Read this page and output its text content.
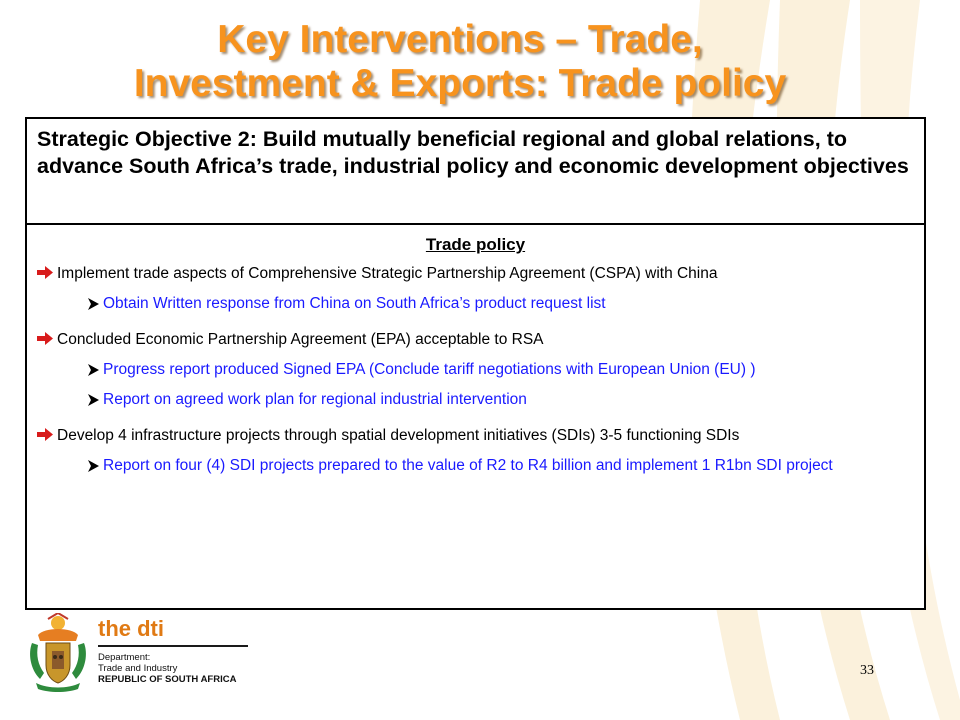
Key Interventions – Trade,
Investment & Exports: Trade policy
Strategic Objective 2: Build mutually beneficial regional and global relations, to advance South Africa’s trade, industrial policy and economic development objectives
Trade policy
Implement trade aspects of Comprehensive Strategic Partnership Agreement (CSPA) with China
Obtain Written response from China on South Africa’s product request list
Concluded Economic Partnership Agreement (EPA) acceptable to RSA
Progress report produced Signed EPA (Conclude tariff negotiations with European Union (EU) )
Report on agreed work plan for regional industrial intervention
Develop 4 infrastructure projects through spatial development initiatives (SDIs) 3-5 functioning SDIs
Report on four (4) SDI projects prepared to the value of R2 to R4 billion and implement 1 R1bn SDI project
the dti
Department:
Trade and Industry
REPUBLIC OF SOUTH AFRICA
33
